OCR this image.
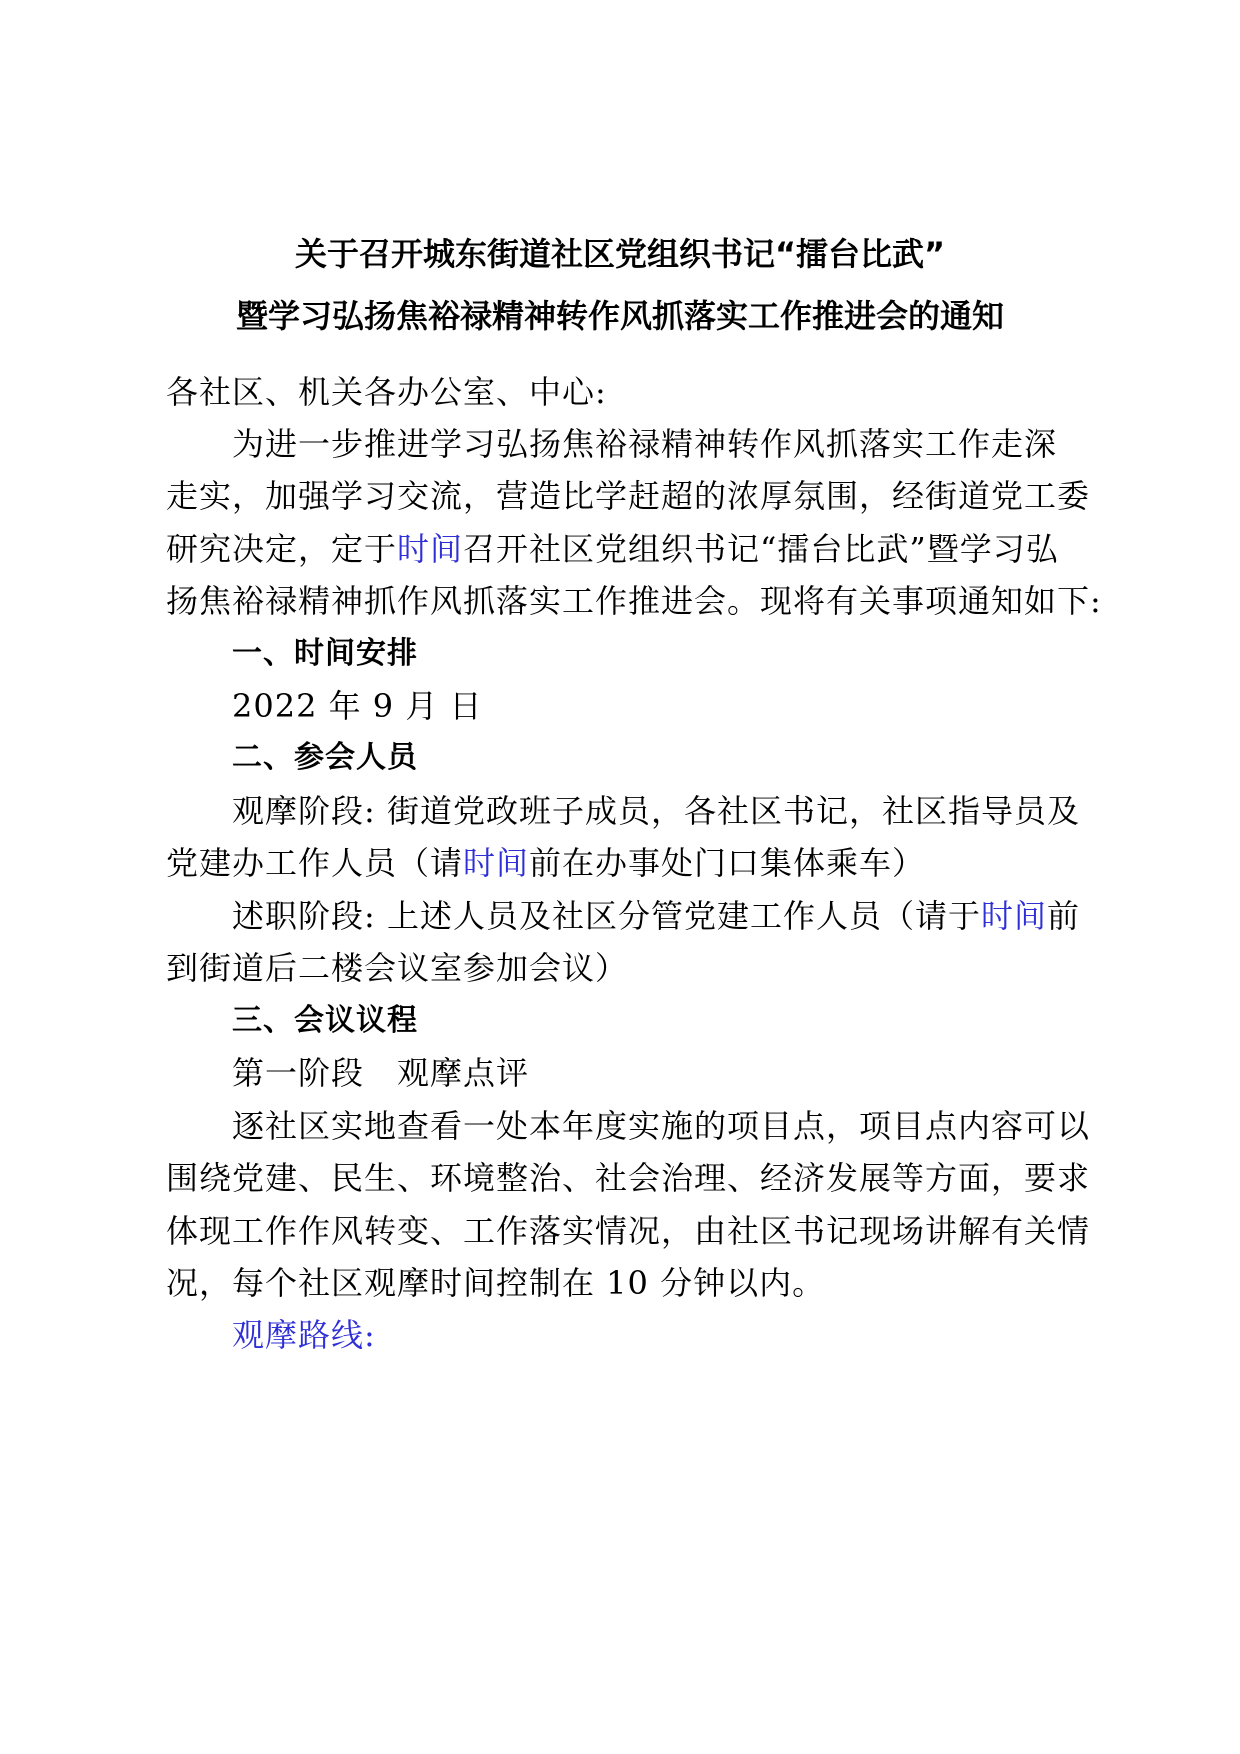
关于召开城东街道社区党组织书记“擂台比武”
暨学习弘扬焦裕禄精神转作风抓落实工作推进会的通知
各社区、机关各办公室、中心:
为进一步推进学习弘扬焦裕禄精神转作风抓落实工作走深
走实，加强学习交流，营造比学赶超的浓厚氛围，经街道党工委
研究决定，定于时间召开社区党组织书记“擂台比武”暨学习弘
扬焦裕禄精神抓作风抓落实工作推进会。现将有关事项通知如下:
一、时间安排
2022 年 9 月 日
二、参会人员
观摩阶段: 街道党政班子成员，各社区书记，社区指导员及
党建办工作人员（请时间前在办事处门口集体乘车）
述职阶段: 上述人员及社区分管党建工作人员（请于时间前
到街道后二楼会议室参加会议）
三、会议议程
第一阶段　观摩点评
逐社区实地查看一处本年度实施的项目点，项目点内容可以
围绕党建、民生、环境整治、社会治理、经济发展等方面，要求
体现工作作风转变、工作落实情况，由社区书记现场讲解有关情
况，每个社区观摩时间控制在 10 分钟以内。
观摩路线:
